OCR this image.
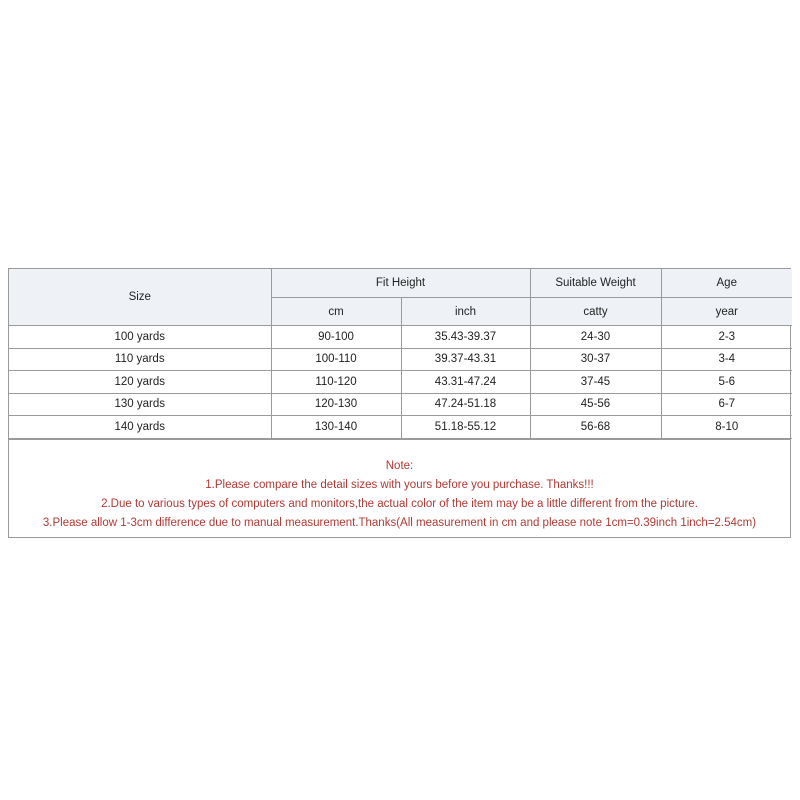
Size	Fit Height		Suitable Weight	Age
	cm	inch	catty	year
100 yards	90-100	35.43-39.37	24-30	2-3
110 yards	100-110	39.37-43.31	30-37	3-4
120 yards	110-120	43.31-47.24	37-45	5-6
130 yards	120-130	47.24-51.18	45-56	6-7
140 yards	130-140	51.18-55.12	56-68	8-10
Note:
1.Please compare the detail sizes with yours before you purchase. Thanks!!!
2.Due to various types of computers and monitors,the actual color of the item may be a little different from the picture.
3.Please allow 1-3cm difference due to manual measurement.Thanks(All measurement in cm and please note 1cm=0.39inch 1inch=2.54cm)
